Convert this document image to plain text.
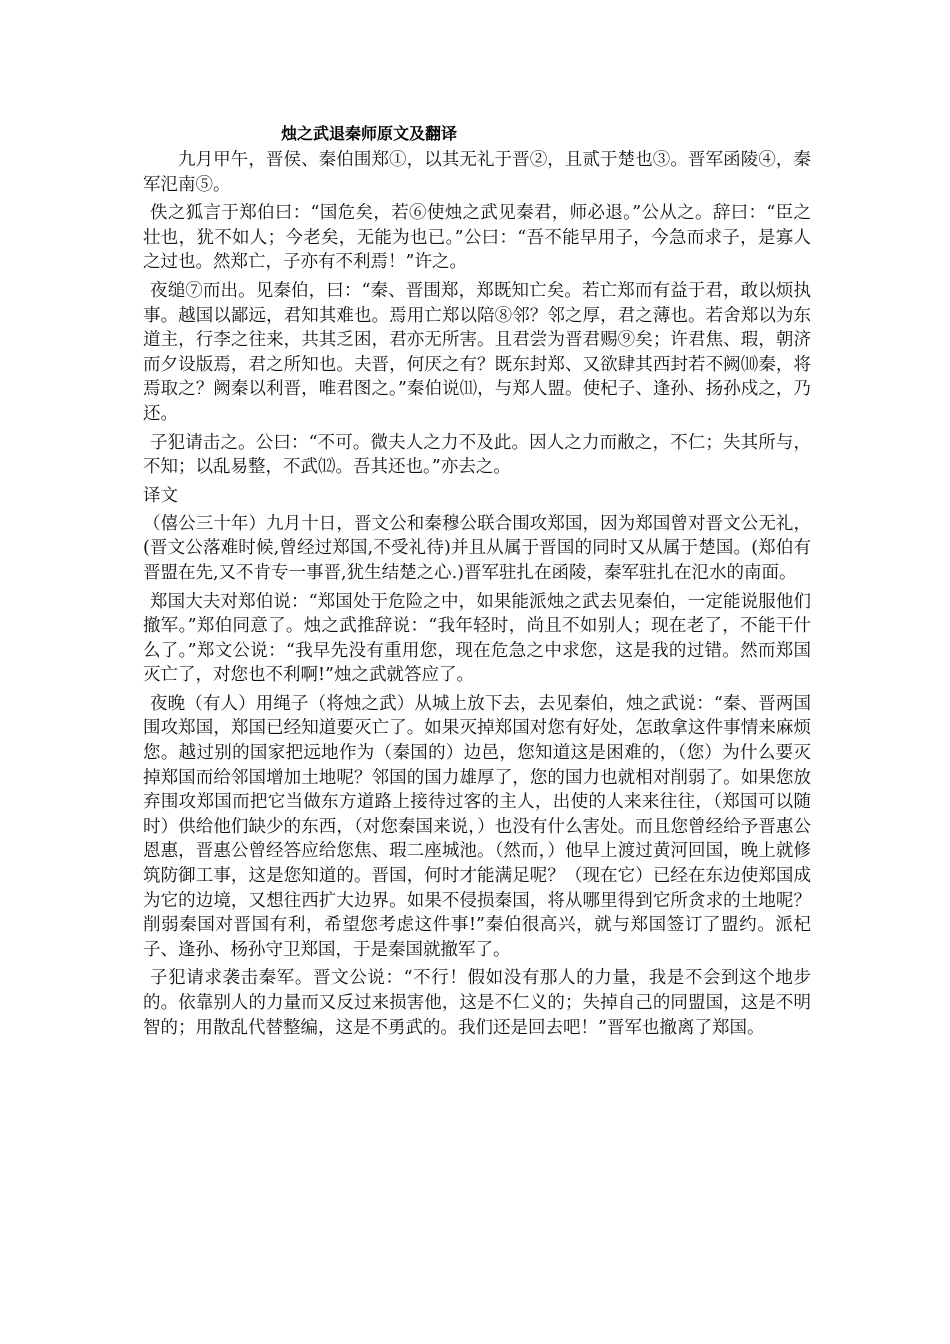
烛之武退秦师原文及翻译

九月甲午，晋侯、秦伯围郑①，以其无礼于晋②，且贰于楚也③。晋军函陵④，秦军氾南⑤。

佚之狐言于郑伯曰：“国危矣，若⑥使烛之武见秦君，师必退。”公从之。辞曰：“臣之壮也，犹不如人；今老矣，无能为也已。”公曰：“吾不能早用子，今急而求子，是寡人之过也。然郑亡，子亦有不利焉！”许之。

夜缒⑦而出。见秦伯，曰：“秦、晋围郑，郑既知亡矣。若亡郑而有益于君，敢以烦执事。越国以鄙远，君知其难也。焉用亡郑以陪⑧邻？邻之厚，君之薄也。若舍郑以为东道主，行李之往来，共其乏困，君亦无所害。且君尝为晋君赐⑨矣；许君焦、瑕，朝济而夕设版焉，君之所知也。夫晋，何厌之有？既东封郑、又欲肆其西封若不阙⑽秦，将焉取之？阙秦以利晋，唯君图之。”秦伯说⑾，与郑人盟。使杞子、逢孙、扬孙戍之，乃还。

子犯请击之。公曰：“不可。微夫人之力不及此。因人之力而敝之，不仁；失其所与，不知；以乱易整，不武⑿。吾其还也。”亦去之。

译文

（僖公三十年）九月十日，晋文公和秦穆公联合围攻郑国，因为郑国曾对晋文公无礼，(晋文公落难时候,曾经过郑国,不受礼待)并且从属于晋国的同时又从属于楚国。(郑伯有晋盟在先,又不肯专一事晋,犹生结楚之心.)晋军驻扎在函陵，秦军驻扎在氾水的南面。

郑国大夫对郑伯说：“郑国处于危险之中，如果能派烛之武去见秦伯，一定能说服他们撤军。”郑伯同意了。烛之武推辞说：“我年轻时，尚且不如别人；现在老了，不能干什么了。”郑文公说：“我早先没有重用您，现在危急之中求您，这是我的过错。然而郑国灭亡了，对您也不利啊!”烛之武就答应了。

夜晚（有人）用绳子（将烛之武）从城上放下去，去见秦伯，烛之武说：“秦、晋两国围攻郑国，郑国已经知道要灭亡了。如果灭掉郑国对您有好处，怎敢拿这件事情来麻烦您。越过别的国家把远地作为（秦国的）边邑，您知道这是困难的，（您）为什么要灭掉郑国而给邻国增加土地呢？邻国的国力雄厚了，您的国力也就相对削弱了。如果您放弃围攻郑国而把它当做东方道路上接待过客的主人，出使的人来来往往，（郑国可以随时）供给他们缺少的东西，（对您秦国来说，）也没有什么害处。而且您曾经给予晋惠公恩惠，晋惠公曾经答应给您焦、瑕二座城池。（然而，）他早上渡过黄河回国，晚上就修筑防御工事，这是您知道的。晋国，何时才能满足呢？（现在它）已经在东边使郑国成为它的边境，又想往西扩大边界。如果不侵损秦国，将从哪里得到它所贪求的土地呢？削弱秦国对晋国有利，希望您考虑这件事!”秦伯很高兴，就与郑国签订了盟约。派杞子、逢孙、杨孙守卫郑国，于是秦国就撤军了。

子犯请求袭击秦军。晋文公说：“不行！假如没有那人的力量，我是不会到这个地步的。依靠别人的力量而又反过来损害他，这是不仁义的；失掉自己的同盟国，这是不明智的；用散乱代替整编，这是不勇武的。我们还是回去吧！”晋军也撤离了郑国。
